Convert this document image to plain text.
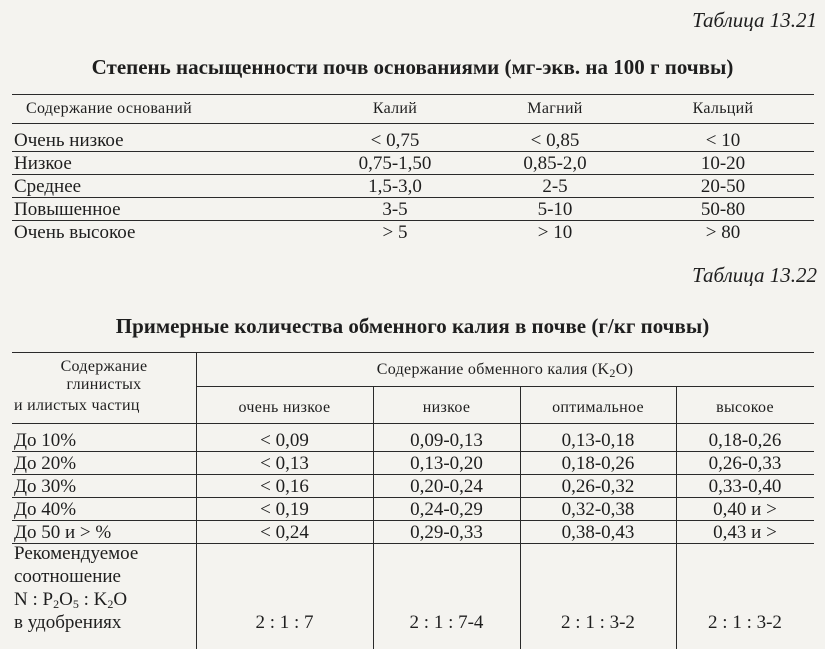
Таблица 13.21
Степень насыщенности почв основаниями (мг-экв. на 100 г почвы)
Содержание оснований	Калий	Магний	Кальций
Очень низкое	< 0,75	< 0,85	< 10
Низкое	0,75-1,50	0,85-2,0	10-20
Среднее	1,5-3,0	2-5	20-50
Повышенное	3-5	5-10	50-80
Очень высокое	> 5	> 10	> 80
Таблица 13.22
Примерные количества обменного калия в почве (г/кг почвы)
Содержание
глинистых
и илистых частиц
Содержание обменного калия $(K_2O)$
очень низкое	низкое	оптимальное	высокое
До 10%	< 0,09	0,09-0,13	0,13-0,18	0,18-0,26
До 20%	< 0,13	0,13-0,20	0,18-0,26	0,26-0,33
До 30%	< 0,16	0,20-0,24	0,26-0,32	0,33-0,40
До 40%	< 0,19	0,24-0,29	0,32-0,38	0,40 и >
До 50 и > %	< 0,24	0,29-0,33	0,38-0,43	0,43 и >
Рекомендуемое
соотношение
N : $P_2O_5$ : $K_2O$
в удобрениях	2 : 1 : 7	2 : 1 : 7-4	2 : 1 : 3-2	2 : 1 : 3-2
